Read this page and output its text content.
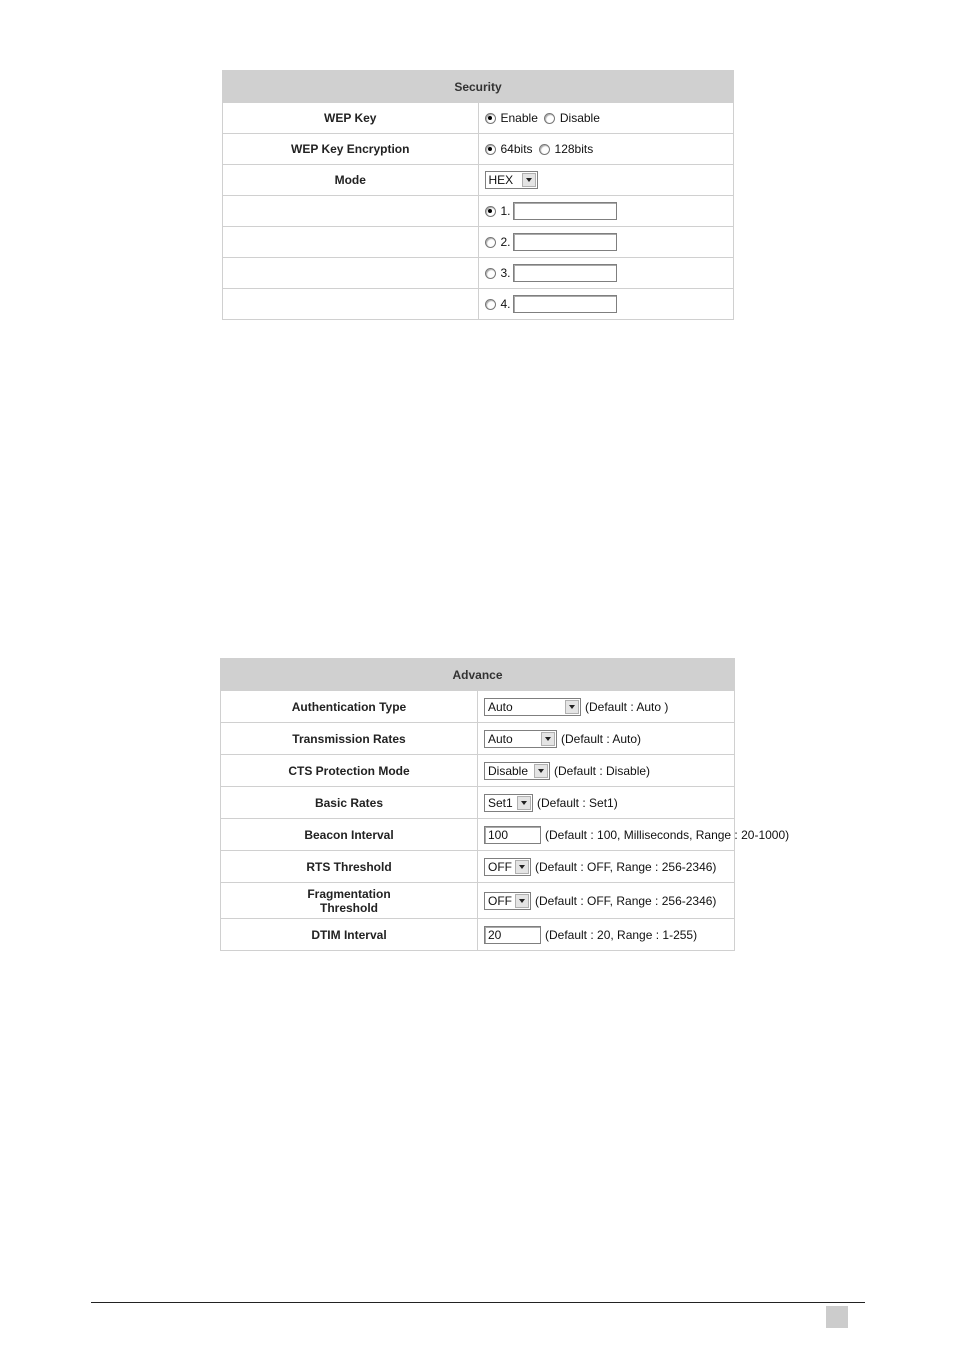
Security	
WEP Key	Enable Disable
WEP Key Encryption	64bits 128bits
Mode	HEX

	1.
	2.
	3.
	4.
Advance	
Authentication Type	Auto (Default : Auto )
Transmission Rates	Auto (Default : Auto)
CTS Protection Mode	Disable (Default : Disable)
Basic Rates	Set1 (Default : Set1)
Beacon Interval	100 (Default : 100, Milliseconds, Range : 20-1000)
RTS Threshold	OFF (Default : OFF, Range : 256-2346)
Fragmentation
Threshold	OFF (Default : OFF, Range : 256-2346)
DTIM Interval	20 (Default : 20, Range : 1-255)
